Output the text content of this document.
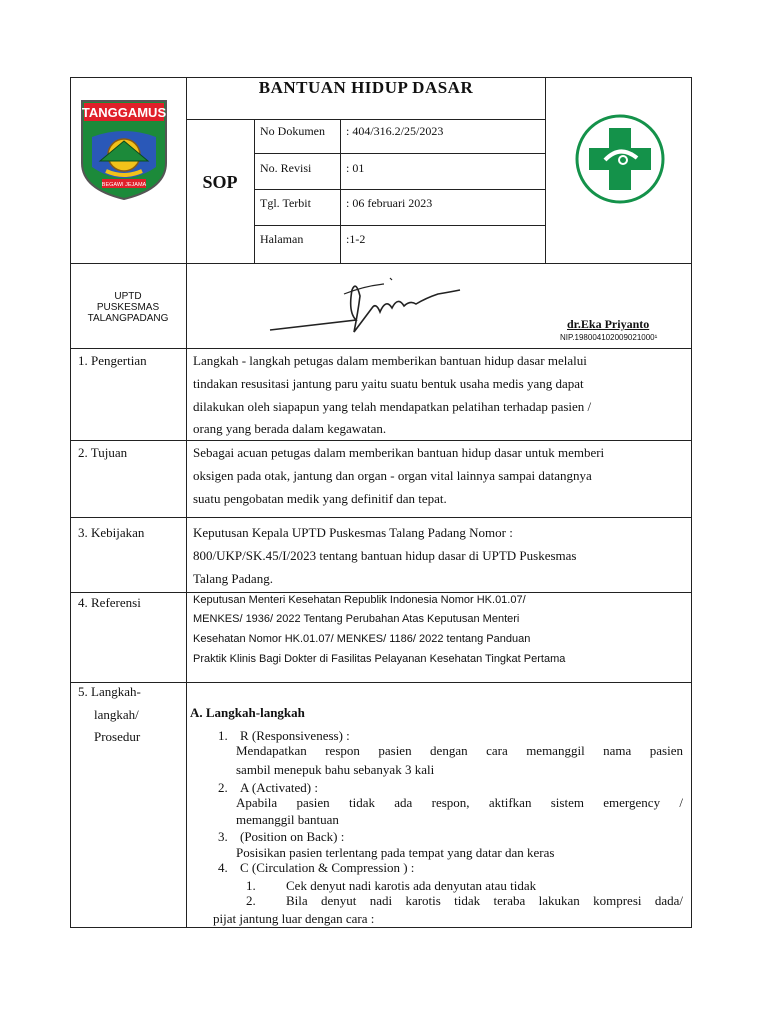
TANGGAMUS
BEGAWI JEJAMA
BANTUAN HIDUP DASAR
SOP
No Dokumen : 404/316.2/25/2023
No. Revisi	: 01
Tgl. Terbit	: 06 februari 2023
Halaman	:1-2
UPTD
PUSKESMAS
TALANGPADANG	dr.Eka Priyanto
NIP.198004102009021000¹
1. Pengertian	Langkah - langkah petugas dalam memberikan bantuan hidup dasar melalui
tindakan resusitasi jantung paru yaitu suatu bentuk usaha medis yang dapat
dilakukan oleh siapapun yang telah mendapatkan pelatihan terhadap pasien /
orang yang berada dalam kegawatan.
2. Tujuan	Sebagai acuan petugas dalam memberikan bantuan hidup dasar untuk memberi
oksigen pada otak, jantung dan organ - organ vital lainnya sampai datangnya
suatu pengobatan medik yang definitif dan tepat.
3. Kebijakan	Keputusan Kepala UPTD Puskesmas Talang Padang Nomor :
800/UKP/SK.45/I/2023 tentang bantuan hidup dasar di UPTD Puskesmas
Talang Padang.
4. Referensi	Keputusan Menteri Kesehatan Republik Indonesia Nomor HK.01.07/
MENKES/ 1936/ 2022 Tentang Perubahan Atas Keputusan Menteri
Kesehatan Nomor HK.01.07/ MENKES/ 1186/ 2022 tentang Panduan
Praktik Klinis Bagi Dokter di Fasilitas Pelayanan Kesehatan Tingkat Pertama
5. Langkah-
langkah/
Prosedur
A. Langkah-langkah
1. R (Responsiveness) :
Mendapatkan respon pasien dengan cara memanggil nama pasien
sambil menepuk bahu sebanyak 3 kali
2. A (Activated) :
Apabila pasien tidak ada respon, aktifkan sistem emergency /
memanggil bantuan
3. (Position on Back) :
Posisikan pasien terlentang pada tempat yang datar dan keras
4. C (Circulation & Compression ) :
1. Cek denyut nadi karotis ada denyutan atau tidak
2. Bila denyut nadi karotis tidak teraba lakukan kompresi dada/
pijat jantung luar dengan cara :
